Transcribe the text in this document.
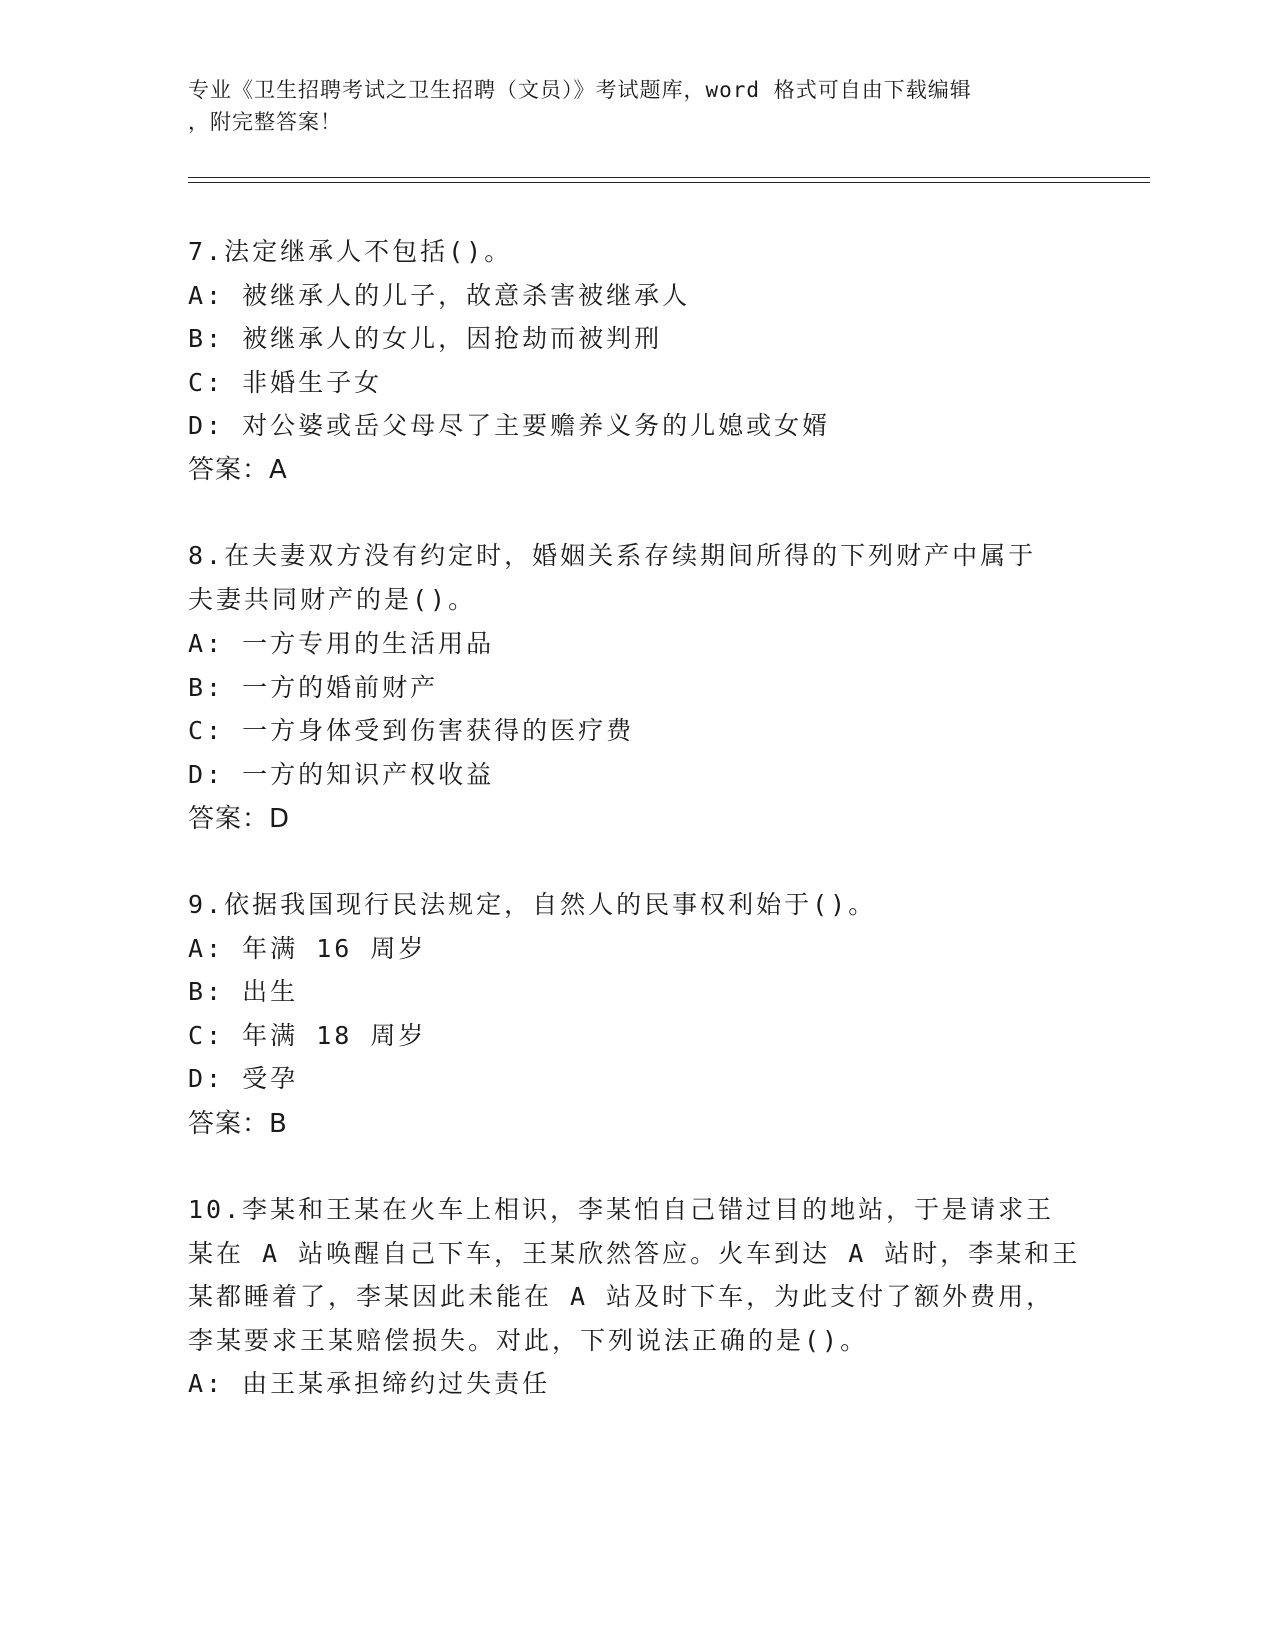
专业《卫生招聘考试之卫生招聘（文员）》考试题库，word 格式可自由下载编辑
，附完整答案！
7.法定继承人不包括()。
A: 被继承人的儿子，故意杀害被继承人
B: 被继承人的女儿，因抢劫而被判刑
C: 非婚生子女
D: 对公婆或岳父母尽了主要赡养义务的儿媳或女婿
答案：A
8.在夫妻双方没有约定时，婚姻关系存续期间所得的下列财产中属于
夫妻共同财产的是()。
A: 一方专用的生活用品
B: 一方的婚前财产
C: 一方身体受到伤害获得的医疗费
D: 一方的知识产权收益
答案：D
9.依据我国现行民法规定，自然人的民事权利始于()。
A: 年满 16 周岁
B: 出生
C: 年满 18 周岁
D: 受孕
答案：B
10.李某和王某在火车上相识，李某怕自己错过目的地站，于是请求王
某在 A 站唤醒自己下车，王某欣然答应。火车到达 A 站时，李某和王
某都睡着了，李某因此未能在 A 站及时下车，为此支付了额外费用，
李某要求王某赔偿损失。对此，下列说法正确的是()。
A: 由王某承担缔约过失责任
